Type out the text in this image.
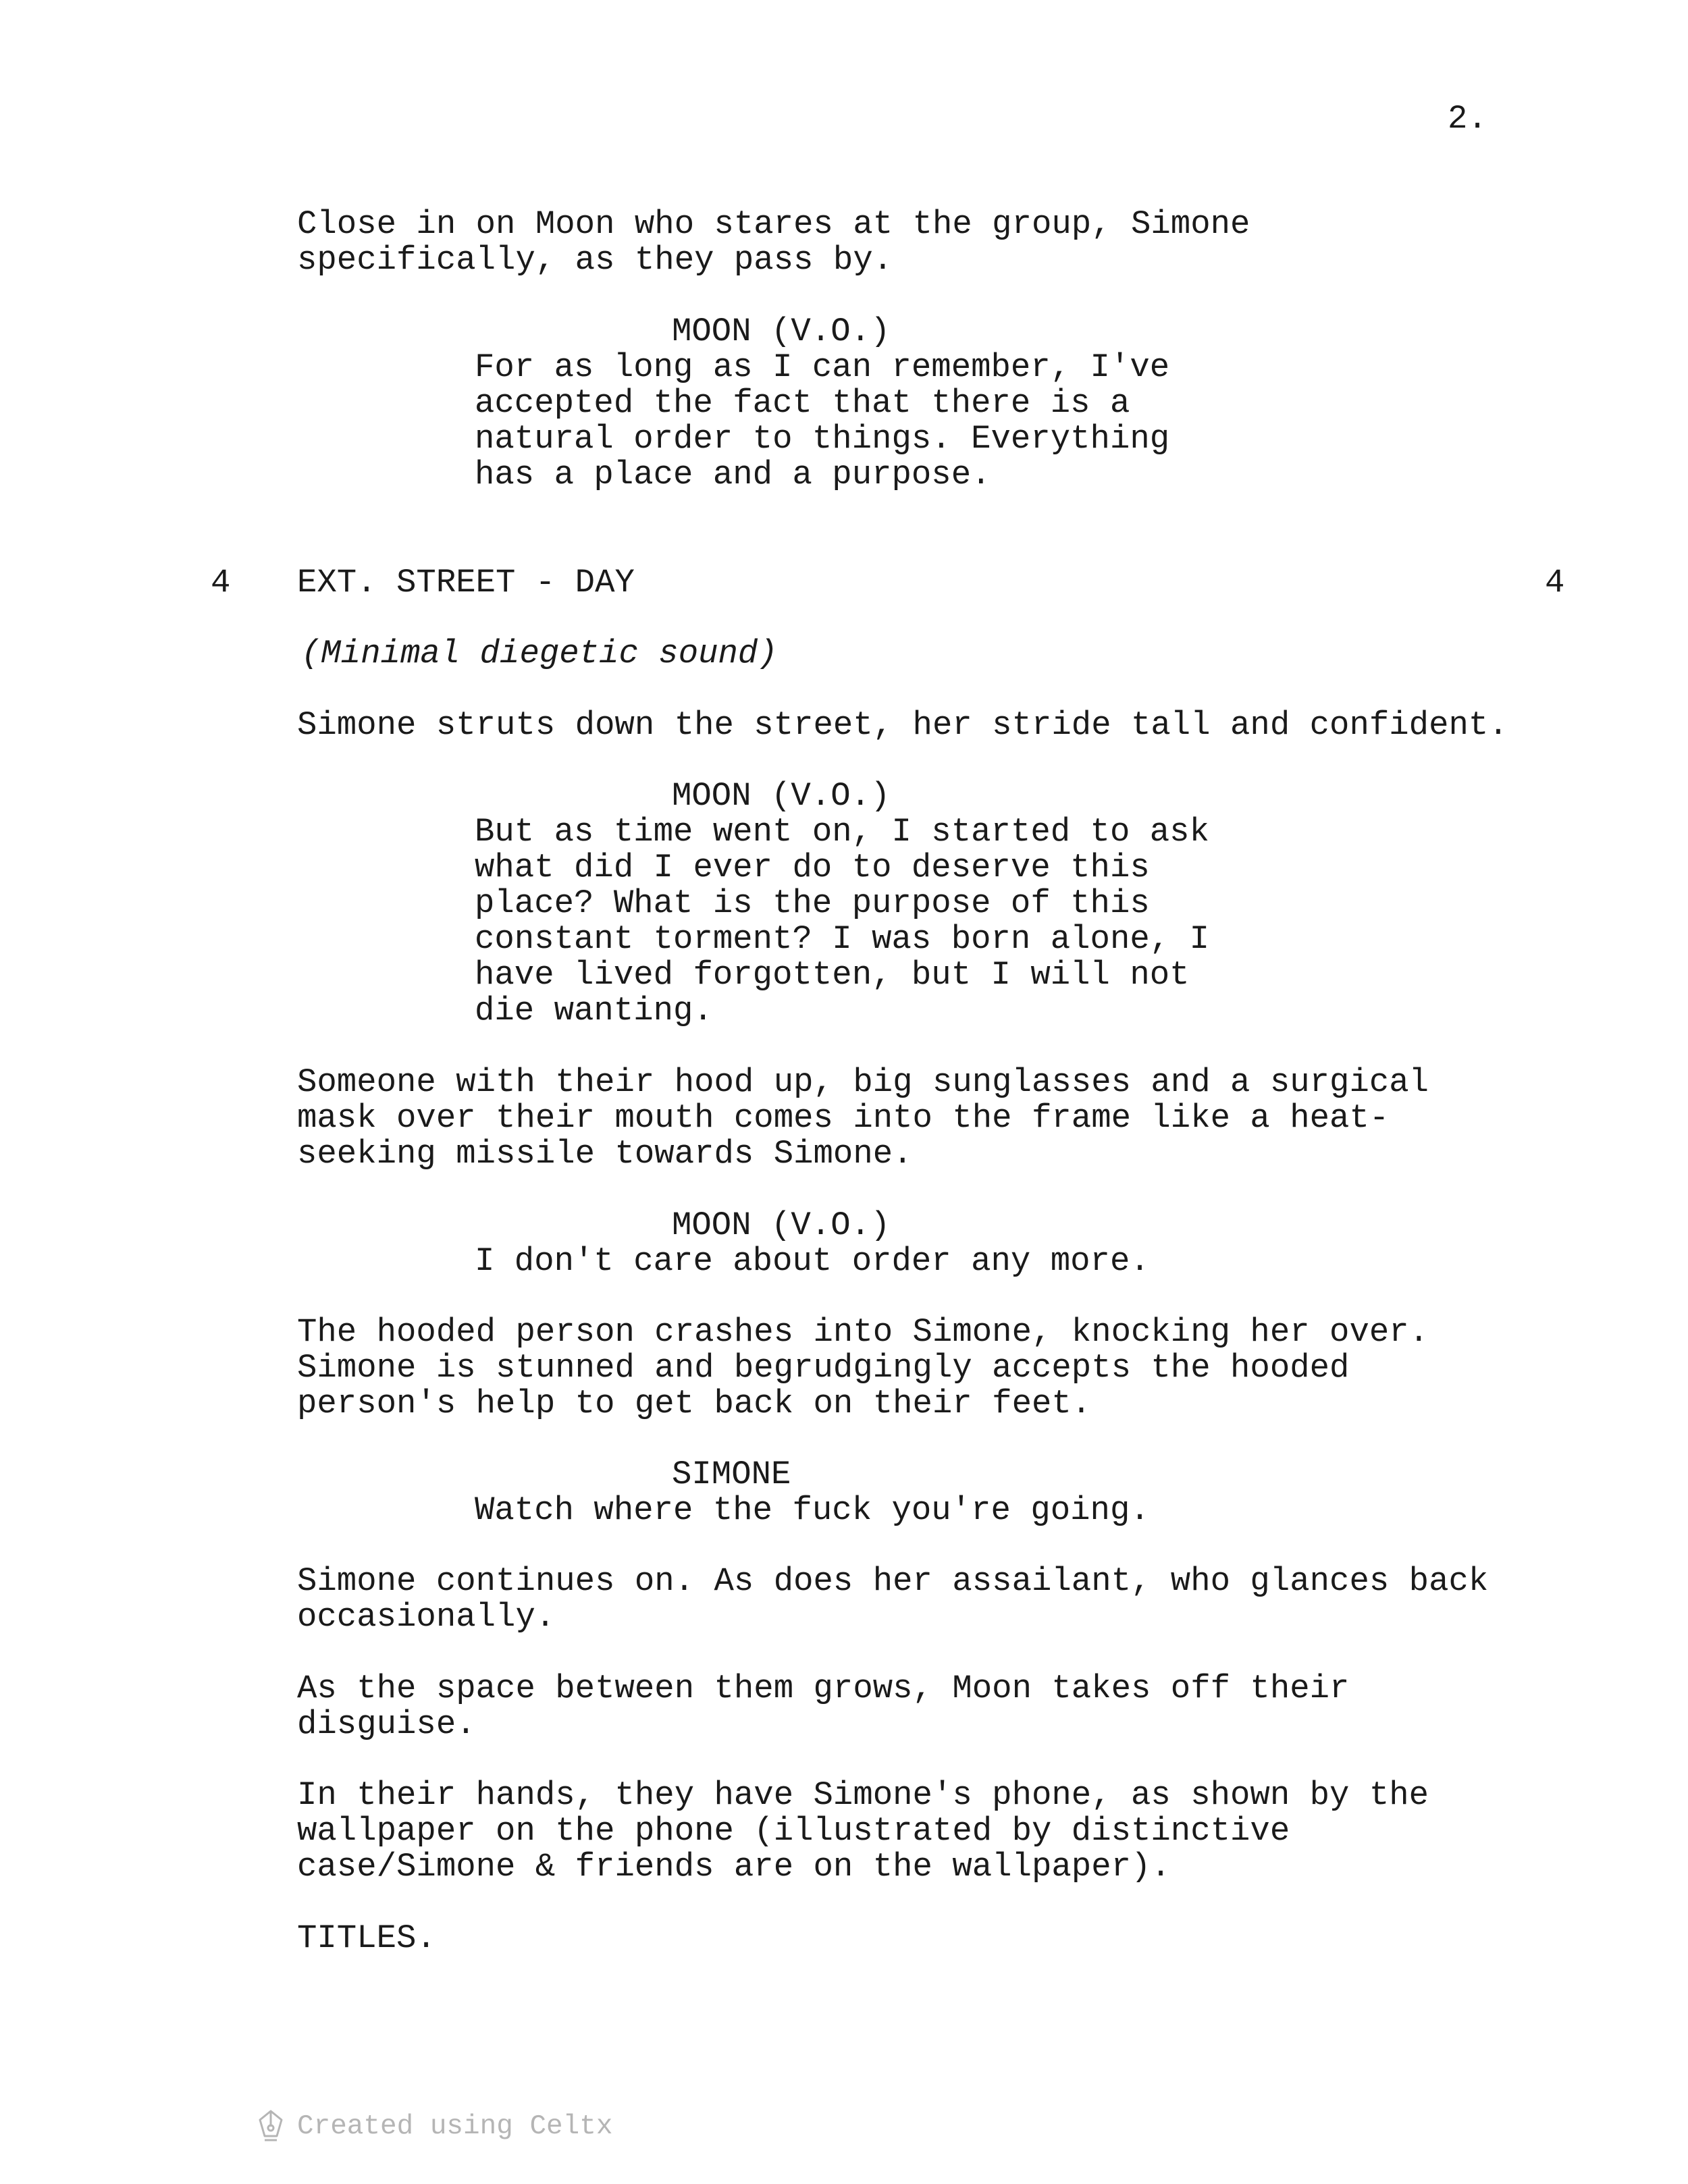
2.
Close in on Moon who stares at the group, Simone
specifically, as they pass by.
MOON (V.O.)
For as long as I can remember, I've
accepted the fact that there is a
natural order to things. Everything
has a place and a purpose.
4 EXT. STREET - DAY	4
(Minimal diegetic sound)
Simone struts down the street, her stride tall and confident.
MOON (V.O.)
But as time went on, I started to ask
what did I ever do to deserve this
place? What is the purpose of this
constant torment? I was born alone, I
have lived forgotten, but I will not
die wanting.
Someone with their hood up, big sunglasses and a surgical
mask over their mouth comes into the frame like a heat-
seeking missile towards Simone.
MOON (V.O.)
I don't care about order any more.
The hooded person crashes into Simone, knocking her over.
Simone is stunned and begrudgingly accepts the hooded
person's help to get back on their feet.
SIMONE
Watch where the fuck you're going.
Simone continues on. As does her assailant, who glances back
occasionally.
As the space between them grows, Moon takes off their
disguise.
In their hands, they have Simone's phone, as shown by the
wallpaper on the phone (illustrated by distinctive
case/Simone & friends are on the wallpaper).
TITLES.
Created using Celtx
